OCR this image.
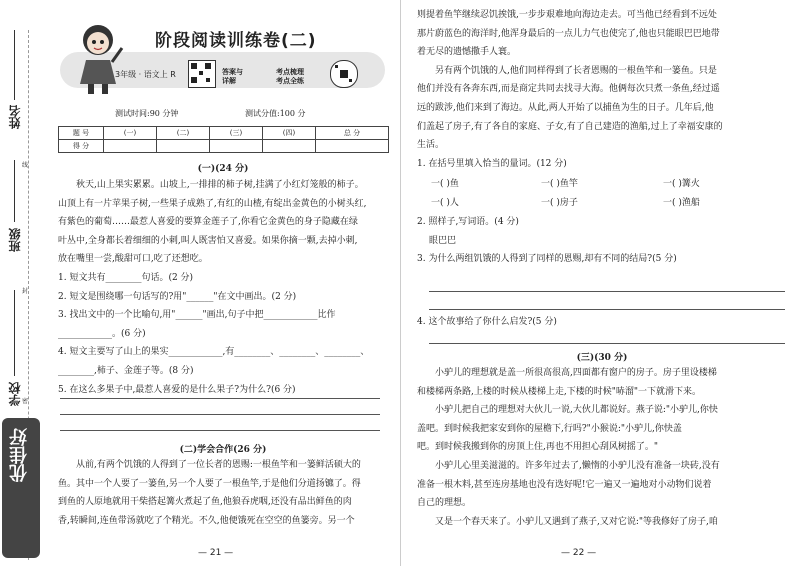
姓名
班级
学校
线
封
密
优佳好
阶段阅读训练卷(二)
3年级 · 语文上 R	答案与
详解
考点梳理
考点全练
测试时间:90 分钟	测试分值:100 分
题 号	(一)	(二)	(三)	(四)	总 分
得 分					
(一)(24 分)
秋天,山上果实累累。山坡上,一排排的柿子树,挂满了小红灯笼般的柿子。
山顶上有一片苹果子树,一些果子成熟了,有红的山楂,有绽出金黄色的小树头红,
有紫色的葡萄……最惹人喜爱的要算金莲子了,你看它金黄色的身子隐藏在绿
叶丛中,全身都长着细细的小刺,叫人既害怕又喜爱。如果你摘一颗,去掉小刺,
放在嘴里一尝,酸甜可口,吃了还想吃。
1. 短文共有________句话。(2 分)
2. 短文是围绕哪一句话写的?用"______"在文中画出。(2 分)
3. 找出文中的一个比喻句,用"______"画出,句子中把____________比作
____________。(6 分)
4. 短文主要写了山上的果实____________,有________、________、________、
________,柿子、金莲子等。(8 分)
5. 在这么多果子中,最惹人喜爱的是什么果子?为什么?(6 分)
(二)学会合作(26 分)
从前,有两个饥饿的人得到了一位长者的恩赐:一根鱼竿和一篓鲜活硕大的
鱼。其中一个人要了一篓鱼,另一个人要了一根鱼竿,于是他们分道扬镳了。得
到鱼的人原地就用干柴搭起篝火煮起了鱼,他狼吞虎咽,还没有品出鲜鱼的肉
香,转瞬间,连鱼带汤就吃了个精光。不久,他便饿死在空空的鱼篓旁。另一个
— 21 —
则提着鱼竿继续忍饥挨饿,一步步艰难地向海边走去。可当他已经看到不远处
那片蔚蓝色的海洋时,他浑身最后的一点儿力气也使完了,他也只能眼巴巴地带
着无尽的遗憾撒手人寰。
另有两个饥饿的人,他们同样得到了长者恩赐的一根鱼竿和一篓鱼。只是
他们并没有各奔东西,而是商定共同去找寻大海。他俩每次只煮一条鱼,经过遥
远的跋涉,他们来到了海边。从此,两人开始了以捕鱼为生的日子。几年后,他
们盖起了房子,有了各自的家庭、子女,有了自己建造的渔船,过上了幸福安康的
生活。
1. 在括号里填入恰当的量词。(12 分)
一( )鱼	一( )鱼竿	一( )篝火
一( )人	一( )房子	一( )渔船
2. 照样子,写词语。(4 分)
眼巴巴
3. 为什么两组饥饿的人得到了同样的恩赐,却有不同的结局?(5 分)
4. 这个故事给了你什么启发?(5 分)
(三)(30 分)
小驴儿的理想就是盖一所很高很高,四面都有窗户的房子。房子里设楼梯
和楼梯两条路,上楼的时候从楼梯上走,下楼的时候"哧溜"一下就滑下来。
小驴儿把自己的理想对大伙儿一说,大伙儿都说好。燕子说:"小驴儿,你快
盖吧。到时候我把家安到你的屋檐下,行吗?"小猴说:"小驴儿,你快盖
吧。到时候我搬到你的房顶上住,再也不用担心刮风树摇了。"
小驴儿心里美滋滋的。许多年过去了,懒惰的小驴儿没有准备一块砖,没有
准备一根木料,甚至连房基地也没有选好呢!它一遍又一遍地对小动物们说着
自己的理想。
又是一个春天来了。小驴儿又遇到了燕子,又对它说:"等我修好了房子,咱
— 22 —
